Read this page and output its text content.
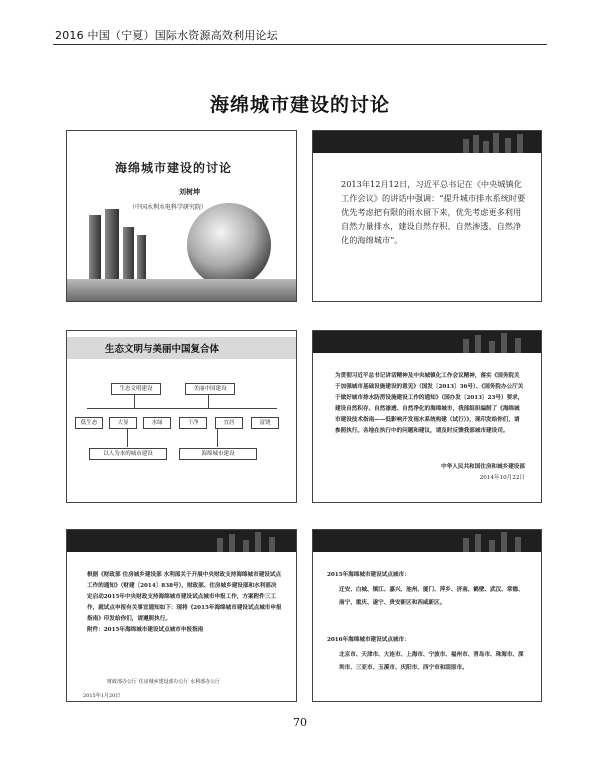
2016 中国（宁夏）国际水资源高效利用论坛
海绵城市建设的讨论
海绵城市建设的讨论
刘树坤
（中国水利水电科学研究院）
2013年12月12日，习近平总书记在《中央城镇化工作会议》的讲话中强调：“提升城市排水系统时要优先考虑把有限的雨水留下来，优先考虑更多利用自然力量排水，建设自然存积、自然渗透、自然净化的海绵城市”。
生态文明与美丽中国复合体
生态文明建设	美丽中国建设
低生态	大显	水绿	干净	宜居	富饶
以人为本的城市建设	海绵城市建设
为贯彻习近平总书记讲话精神及中央城镇化工作会议精神，落实《国务院关于加强城市基础设施建设的意见》（国发〔2013〕36号）、《国务院办公厅关于做好城市排水防涝设施建设工作的通知》（国办发〔2013〕23号）要求，建设自然积存、自然渗透、自然净化的海绵城市，我部组织编制了《海绵城市建设技术指南——低影响开发雨水系统构建（试行）》，现印发给你们，请参照执行。各地在执行中的问题和建议，请及时反馈我部城市建设司。
中华人民共和国住房和城乡建设部
2014年10月22日
根据《财政部 住房城乡建设部 水利部关于开展中央财政支持海绵城市建设试点工作的通知》（财建〔2014〕838号），财政部、住房城乡建设部和水利部决定启动2015年中央财政支持海绵城市建设试点城市申报工作，方案附件三工作，就试点申报有关事宜通知如下：现将《2015年海绵城市建设试点城市申报指南》印发给你们，请遵照执行。
附件：2015年海绵城市建设试点城市申报指南
财政部办公厅 住房城乡建设部办公厅 水利部办公厅
2015年1月20日
2015年海绵城市建设试点城市：
迁安、白城、镇江、嘉兴、池州、厦门、萍乡、济南、鹤壁、武汉、常德、南宁、重庆、遂宁、贵安新区和西咸新区。
2016年海绵城市建设试点城市：
北京市、天津市、大连市、上海市、宁波市、福州市、青岛市、珠海市、深圳市、三亚市、玉溪市、庆阳市、西宁市和固原市。
70
